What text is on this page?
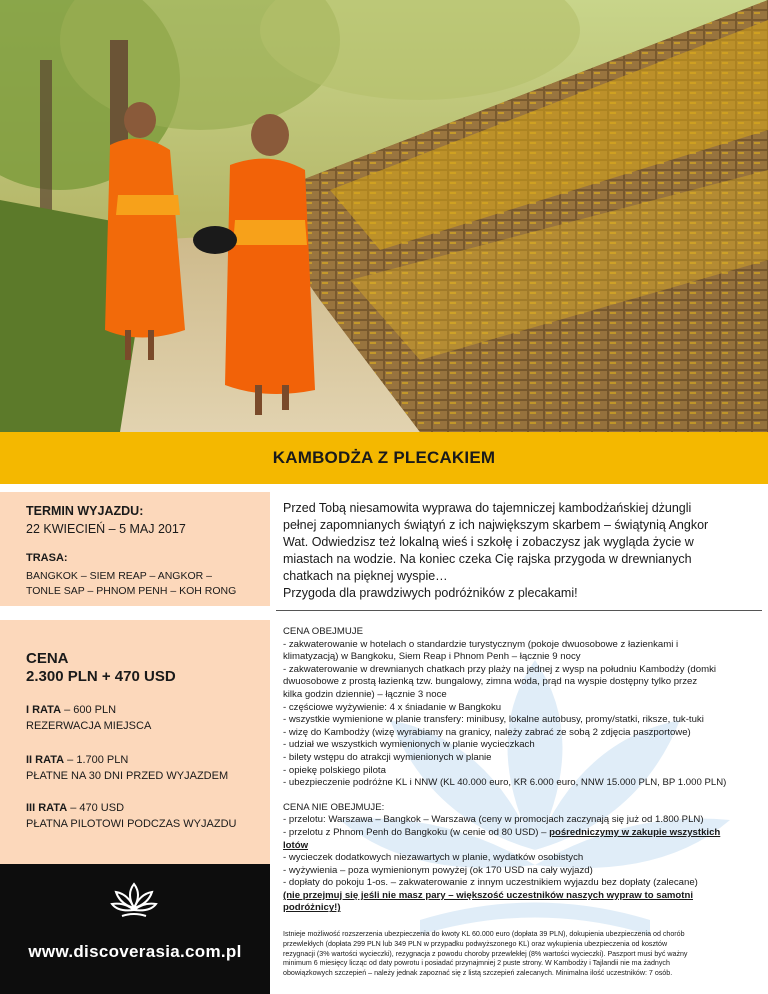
KAMBODŻA Z PLECAKIEM
TERMIN WYJAZDU:
22 KWIECIEŃ – 5 MAJ 2017
TRASA:
BANGKOK – SIEM REAP – ANGKOR –
TONLE SAP – PHNOM PENH – KOH RONG
Przed Tobą niesamowita wyprawa do tajemniczej kambodżańskiej dżungli
pełnej zapomnianych świątyń z ich największym skarbem – świątynią Angkor
Wat. Odwiedzisz też lokalną wieś i szkołę i zobaczysz jak wygląda życie w
miastach na wodzie. Na koniec czeka Cię rajska przygoda w drewnianych
chatkach na pięknej wyspie…
Przygoda dla prawdziwych podróżników z plecakami!
CENA
2.300 PLN + 470 USD
I RATA – 600 PLN
REZERWACJA MIEJSCA
II RATA – 1.700 PLN
PŁATNE NA 30 DNI PRZED WYJAZDEM
III RATA – 470 USD
PŁATNA PILOTOWI PODCZAS WYJAZDU
www.discoverasia.com.pl

CENA OBEJMUJE

- zakwaterowanie w hotelach o standardzie turystycznym (pokoje dwuosobowe z łazienkami i

klimatyzacją) w Bangkoku, Siem Reap i Phnom Penh – łącznie 9 nocy

- zakwaterowanie w drewnianych chatkach przy plaży na jednej z wysp na południu Kambodży (domki

dwuosobowe z prostą łazienką tzw. bungalowy, zimna woda, prąd na wyspie dostępny tylko przez

kilka godzin dziennie) – łącznie 3 noce

- częściowe wyżywienie: 4 x śniadanie w Bangkoku

- wszystkie wymienione w planie transfery: minibusy, lokalne autobusy, promy/statki, riksze, tuk-tuki

- wizę do Kambodży (wizę wyrabiamy na granicy, należy zabrać ze sobą 2 zdjęcia paszportowe)

- udział we wszystkich wymienionych w planie wycieczkach

- bilety wstępu do atrakcji wymienionych w planie

- opiekę polskiego pilota

- ubezpieczenie podróżne KL i NNW (KL 40.000 euro, KR 6.000 euro, NNW 15.000 PLN, BP 1.000 PLN)

CENA NIE OBEJMUJE:

- przelotu: Warszawa – Bangkok – Warszawa (ceny w promocjach zaczynają się już od 1.800 PLN)

- przelotu z Phnom Penh do Bangkoku (w cenie od 80 USD) – pośredniczymy w zakupie wszystkich

lotów

- wycieczek dodatkowych niezawartych w planie, wydatków osobistych

- wyżywienia – poza wymienionym powyżej (ok 170 USD na cały wyjazd)

- dopłaty do pokoju 1-os. – zakwaterowanie z innym uczestnikiem wyjazdu bez dopłaty (zalecane)

(nie przejmuj się jeśli nie masz pary – większość uczestników naszych wypraw to samotni

podróżnicy!)

Istnieje możliwość rozszerzenia ubezpieczenia do kwoty KL 60.000 euro (dopłata 39 PLN), dokupienia ubezpieczenia od chorób
przewlekłych (dopłata 299 PLN lub 349 PLN w przypadku podwyższonego KL) oraz wykupienia ubezpieczenia od kosztów
rezygnacji (3% wartości wycieczki), rezygnacja z powodu choroby przewlekłej (8% wartości wycieczki). Paszport musi być ważny
minimum 6 miesięcy licząc od daty powrotu i posiadać przynajmniej 2 puste strony. W Kambodży i Tajlandii nie ma żadnych
obowiązkowych szczepień – należy jednak zapoznać się z listą szczepień zalecanych. Minimalna ilość uczestników: 7 osób.
